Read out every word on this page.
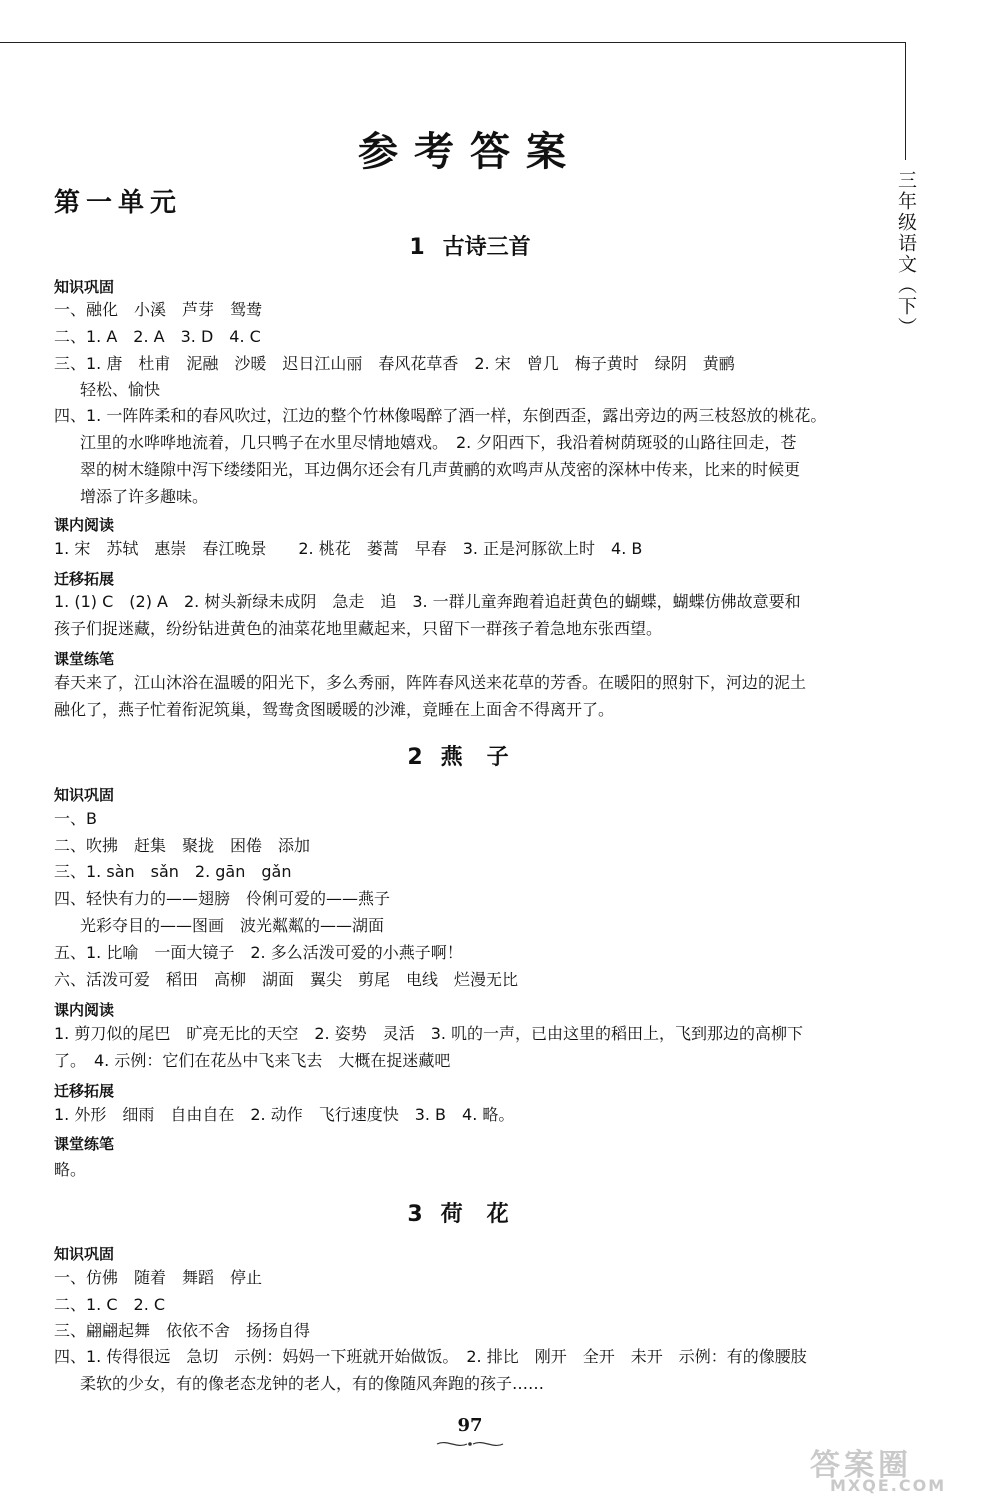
三年级语文（下）
参考答案
第一单元
1 古诗三首
知识巩固
一、融化　小溪　芦芽　鸳鸯
二、1. A　2. A　3. D　4. C
三、1. 唐　杜甫　泥融　沙暖　迟日江山丽　春风花草香　2. 宋　曾几　梅子黄时　绿阴　黄鹂
轻松、愉快
四、1. 一阵阵柔和的春风吹过，江边的整个竹林像喝醉了酒一样，东倒西歪，露出旁边的两三枝怒放的桃花。
江里的水哗哗地流着，几只鸭子在水里尽情地嬉戏。　2. 夕阳西下，我沿着树荫斑驳的山路往回走，苍
翠的树木缝隙中泻下缕缕阳光，耳边偶尔还会有几声黄鹂的欢鸣声从茂密的深林中传来，比来的时候更
增添了许多趣味。
课内阅读
1. 宋　苏轼　惠崇　春江晚景　　2. 桃花　蒌蒿　早春　3. 正是河豚欲上时　4. B
迁移拓展
1. (1) C　(2) A　2. 树头新绿未成阴　急走　追　3. 一群儿童奔跑着追赶黄色的蝴蝶，蝴蝶仿佛故意要和
孩子们捉迷藏，纷纷钻进黄色的油菜花地里藏起来，只留下一群孩子着急地东张西望。
课堂练笔
春天来了，江山沐浴在温暖的阳光下，多么秀丽，阵阵春风送来花草的芳香。在暖阳的照射下，河边的泥土
融化了，燕子忙着衔泥筑巢，鸳鸯贪图暖暖的沙滩，竟睡在上面舍不得离开了。
2 燕子
知识巩固
一、B
二、吹拂　赶集　聚拢　困倦　添加
三、1. sàn　sǎn　2. gān　gǎn
四、轻快有力的——翅膀　伶俐可爱的——燕子
光彩夺目的——图画　波光粼粼的——湖面
五、1. 比喻　一面大镜子　2. 多么活泼可爱的小燕子啊！
六、活泼可爱　稻田　高柳　湖面　翼尖　剪尾　电线　烂漫无比
课内阅读
1. 剪刀似的尾巴　旷亮无比的天空　2. 姿势　灵活　3. 叽的一声，已由这里的稻田上，飞到那边的高柳下
了。　4. 示例：它们在花丛中飞来飞去　大概在捉迷藏吧
迁移拓展
1. 外形　细雨　自由自在　2. 动作　飞行速度快　3. B　4. 略。
课堂练笔
略。
3 荷花
知识巩固
一、仿佛　随着　舞蹈　停止
二、1. C　2. C
三、翩翩起舞　依依不舍　扬扬自得
四、1. 传得很远　急切　示例：妈妈一下班就开始做饭。　2. 排比　刚开　全开　未开　示例：有的像腰肢
柔软的少女，有的像老态龙钟的老人，有的像随风奔跑的孩子……
97
答案圈
MXQE.COM
